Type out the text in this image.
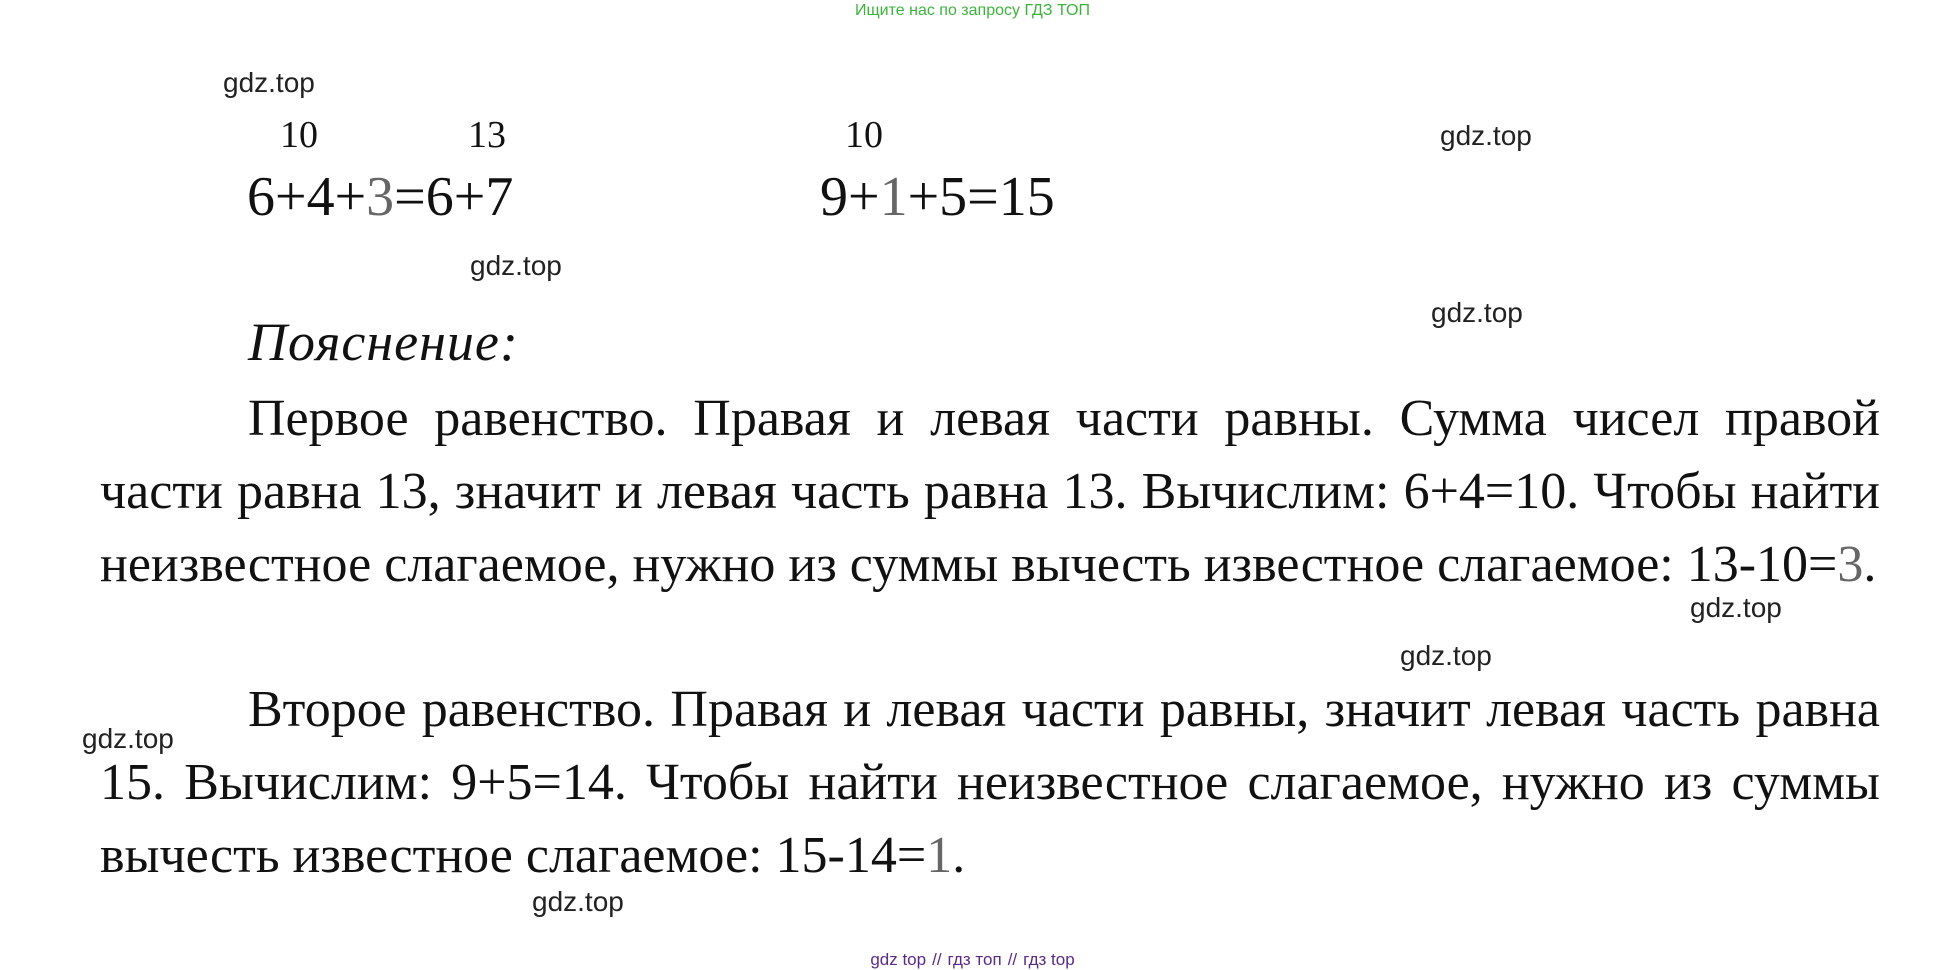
Ищите нас по запросу ГДЗ ТОП
gdz.top
gdz.top
gdz.top
gdz.top
gdz.top
gdz.top
gdz.top
gdz.top
10	13
6+4+3=6+7
10
9+1+5=15
Пояснение:
Первое равенство. Правая и левая части равны. Сумма чисел правой части равна 13, значит и левая часть равна 13. Вычислим: 6+4=10. Чтобы найти неизвестное слагаемое, нужно из суммы вычесть известное слагаемое: 13-10=3.
Второе равенство. Правая и левая части равны, значит левая часть равна 15. Вычислим: 9+5=14. Чтобы найти неизвестное слагаемое, нужно из суммы вычесть известное слагаемое: 15-14=1.
gdz top // гдз топ // гдз top
